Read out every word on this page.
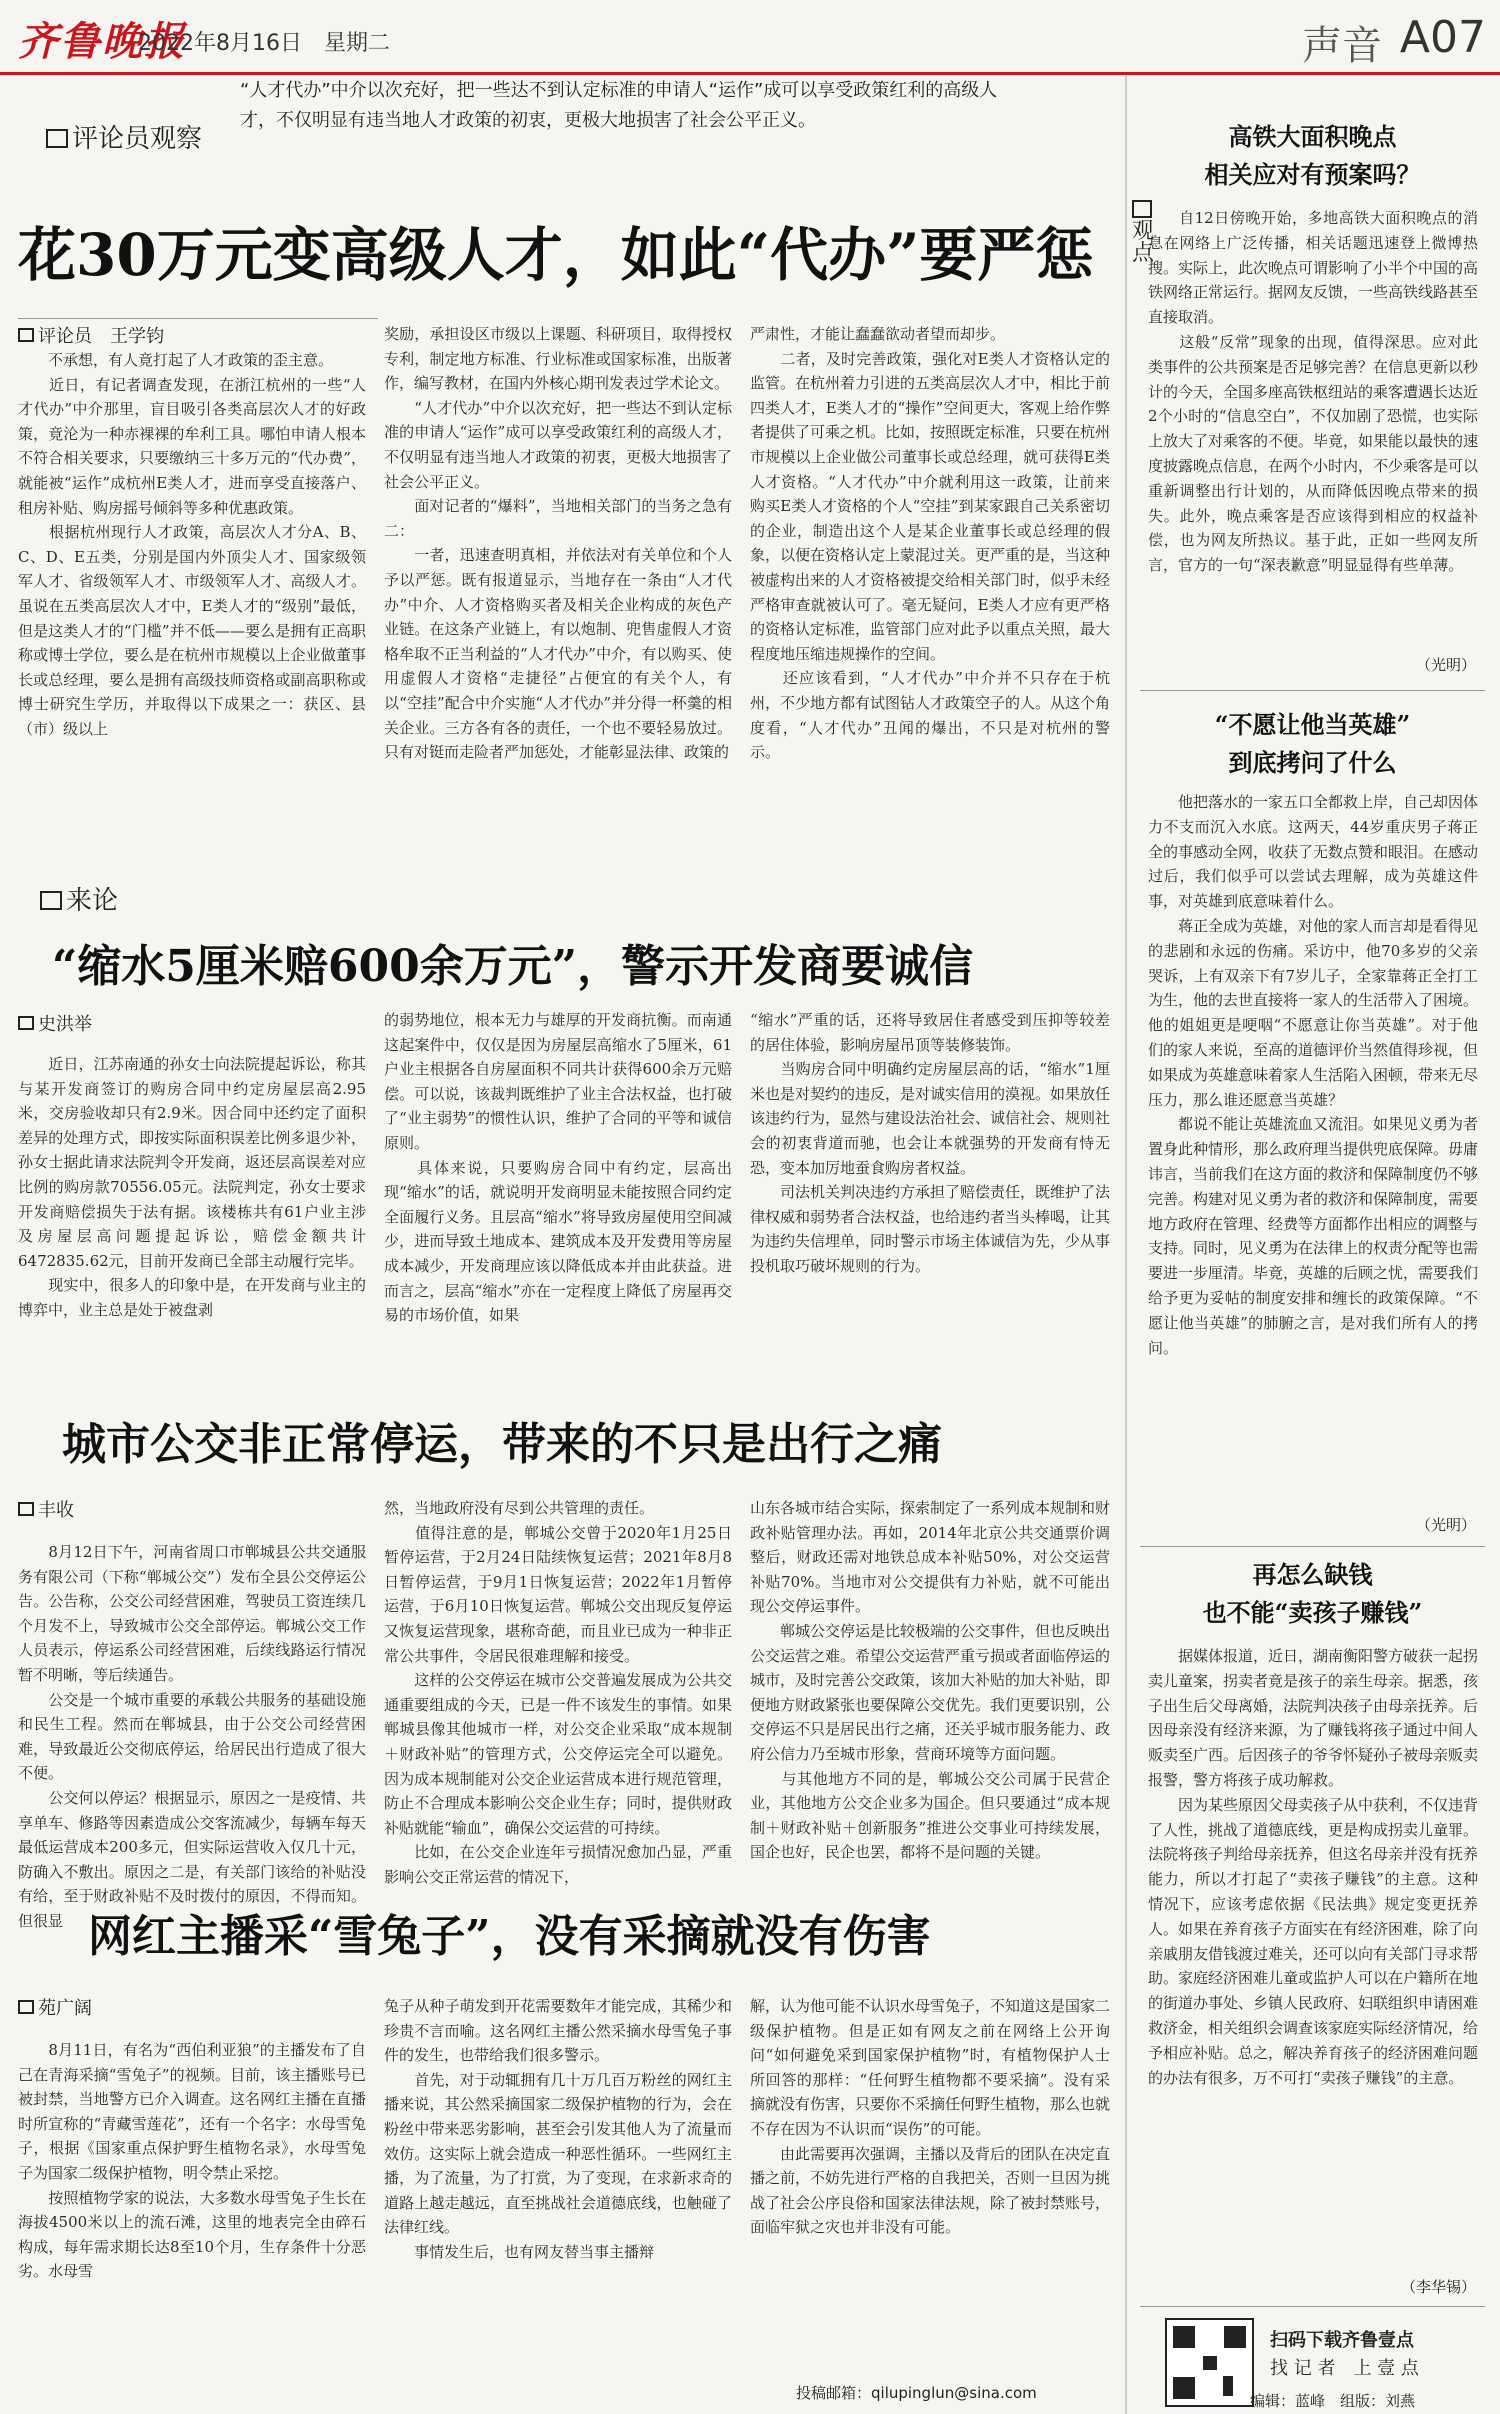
齐鲁晚报
2022年8月16日　星期二	声音 A07
评论员观察
“人才代办”中介以次充好，把一些达不到认定标准的申请人“运作”成可以享受政策红利的高级人才，不仅明显有违当地人才政策的初衷，更极大地损害了社会公平正义。
花30万元变高级人才，如此“代办”要严惩
评论员　王学钧
　　不承想，有人竟打起了人才政策的歪主意。
　　近日，有记者调查发现，在浙江杭州的一些“人才代办”中介那里，盲目吸引各类高层次人才的好政策，竟沦为一种赤裸裸的牟利工具。哪怕申请人根本不符合相关要求，只要缴纳三十多万元的“代办费”，就能被“运作”成杭州E类人才，进而享受直接落户、租房补贴、购房摇号倾斜等多种优惠政策。
　　根据杭州现行人才政策，高层次人才分A、B、C、D、E五类，分别是国内外顶尖人才、国家级领军人才、省级领军人才、市级领军人才、高级人才。虽说在五类高层次人才中，E类人才的“级别”最低，但是这类人才的“门槛”并不低——要么是拥有正高职称或博士学位，要么是在杭州市规模以上企业做董事长或总经理，要么是拥有高级技师资格或副高职称或博士研究生学历，并取得以下成果之一：获区、县（市）级以上
奖励，承担设区市级以上课题、科研项目，取得授权专利，制定地方标准、行业标准或国家标准，出版著作，编写教材，在国内外核心期刊发表过学术论文。
　　“人才代办”中介以次充好，把一些达不到认定标准的申请人“运作”成可以享受政策红利的高级人才，不仅明显有违当地人才政策的初衷，更极大地损害了社会公平正义。
　　面对记者的“爆料”，当地相关部门的当务之急有二：
　　一者，迅速查明真相，并依法对有关单位和个人予以严惩。既有报道显示，当地存在一条由“人才代办”中介、人才资格购买者及相关企业构成的灰色产业链。在这条产业链上，有以炮制、兜售虚假人才资格牟取不正当利益的“人才代办”中介，有以购买、使用虚假人才资格“走捷径”占便宜的有关个人，有以“空挂”配合中介实施“人才代办”并分得一杯羹的相关企业。三方各有各的责任，一个也不要轻易放过。只有对铤而走险者严加惩处，才能彰显法律、政策的
严肃性，才能让蠢蠢欲动者望而却步。
　　二者，及时完善政策，强化对E类人才资格认定的监管。在杭州着力引进的五类高层次人才中，相比于前四类人才，E类人才的“操作”空间更大，客观上给作弊者提供了可乘之机。比如，按照既定标准，只要在杭州市规模以上企业做公司董事长或总经理，就可获得E类人才资格。“人才代办”中介就利用这一政策，让前来购买E类人才资格的个人“空挂”到某家跟自己关系密切的企业，制造出这个人是某企业董事长或总经理的假象，以便在资格认定上蒙混过关。更严重的是，当这种被虚构出来的人才资格被提交给相关部门时，似乎未经严格审查就被认可了。毫无疑问，E类人才应有更严格的资格认定标准，监管部门应对此予以重点关照，最大程度地压缩违规操作的空间。
　　还应该看到，“人才代办”中介并不只存在于杭州，不少地方都有试图钻人才政策空子的人。从这个角度看，“人才代办”丑闻的爆出，不只是对杭州的警示。
来论
“缩水5厘米赔600余万元”，警示开发商要诚信
史洪举
　　近日，江苏南通的孙女士向法院提起诉讼，称其与某开发商签订的购房合同中约定房屋层高2.95米，交房验收却只有2.9米。因合同中还约定了面积差异的处理方式，即按实际面积误差比例多退少补，孙女士据此请求法院判令开发商，返还层高误差对应比例的购房款70556.05元。法院判定，孙女士要求开发商赔偿损失于法有据。该楼栋共有61户业主涉及房屋层高问题提起诉讼，赔偿金额共计6472835.62元，目前开发商已全部主动履行完毕。
　　现实中，很多人的印象中是，在开发商与业主的博弈中，业主总是处于被盘剥
的弱势地位，根本无力与雄厚的开发商抗衡。而南通这起案件中，仅仅是因为房屋层高缩水了5厘米，61户业主根据各自房屋面积不同共计获得600余万元赔偿。可以说，该裁判既维护了业主合法权益，也打破了“业主弱势”的惯性认识，维护了合同的平等和诚信原则。
　　具体来说，只要购房合同中有约定，层高出现“缩水”的话，就说明开发商明显未能按照合同约定全面履行义务。且层高“缩水”将导致房屋使用空间减少，进而导致土地成本、建筑成本及开发费用等房屋成本减少，开发商理应该以降低成本并由此获益。进而言之，层高“缩水”亦在一定程度上降低了房屋再交易的市场价值，如果
“缩水”严重的话，还将导致居住者感受到压抑等较差的居住体验，影响房屋吊顶等装修装饰。
　　当购房合同中明确约定房屋层高的话，“缩水”1厘米也是对契约的违反，是对诚实信用的漠视。如果放任该违约行为，显然与建设法治社会、诚信社会、规则社会的初衷背道而驰，也会让本就强势的开发商有恃无恐，变本加厉地蚕食购房者权益。
　　司法机关判决违约方承担了赔偿责任，既维护了法律权威和弱势者合法权益，也给违约者当头棒喝，让其为违约失信埋单，同时警示市场主体诚信为先，少从事投机取巧破坏规则的行为。
城市公交非正常停运，带来的不只是出行之痛
丰收
　　8月12日下午，河南省周口市郸城县公共交通服务有限公司（下称“郸城公交”）发布全县公交停运公告。公告称，公交公司经营困难，驾驶员工资连续几个月发不上，导致城市公交全部停运。郸城公交工作人员表示，停运系公司经营困难，后续线路运行情况暂不明晰，等后续通告。
　　公交是一个城市重要的承载公共服务的基础设施和民生工程。然而在郸城县，由于公交公司经营困难，导致最近公交彻底停运，给居民出行造成了很大不便。
　　公交何以停运？根据显示，原因之一是疫情、共享单车、修路等因素造成公交客流减少，每辆车每天最低运营成本200多元，但实际运营收入仅几十元，防确入不敷出。原因之二是，有关部门该给的补贴没有给，至于财政补贴不及时拨付的原因，不得而知。但很显
然，当地政府没有尽到公共管理的责任。
　　值得注意的是，郸城公交曾于2020年1月25日暂停运营，于2月24日陆续恢复运营；2021年8月8日暂停运营，于9月1日恢复运营；2022年1月暂停运营，于6月10日恢复运营。郸城公交出现反复停运又恢复运营现象，堪称奇葩，而且业已成为一种非正常公共事件，令居民很难理解和接受。
　　这样的公交停运在城市公交普遍发展成为公共交通重要组成的今天，已是一件不该发生的事情。如果郸城县像其他城市一样，对公交企业采取“成本规制＋财政补贴”的管理方式，公交停运完全可以避免。因为成本规制能对公交企业运营成本进行规范管理，防止不合理成本影响公交企业生存；同时，提供财政补贴就能“输血”，确保公交运营的可持续。
　　比如，在公交企业连年亏损情况愈加凸显，严重影响公交正常运营的情况下，
山东各城市结合实际，探索制定了一系列成本规制和财政补贴管理办法。再如，2014年北京公共交通票价调整后，财政还需对地铁总成本补贴50%，对公交运营补贴70%。当地市对公交提供有力补贴，就不可能出现公交停运事件。
　　郸城公交停运是比较极端的公交事件，但也反映出公交运营之难。希望公交运营严重亏损或者面临停运的城市，及时完善公交政策，该加大补贴的加大补贴，即便地方财政紧张也要保障公交优先。我们更要识别，公交停运不只是居民出行之痛，还关乎城市服务能力、政府公信力乃至城市形象，营商环境等方面问题。
　　与其他地方不同的是，郸城公交公司属于民营企业，其他地方公交企业多为国企。但只要通过“成本规制＋财政补贴＋创新服务”推进公交事业可持续发展，国企也好，民企也罢，都将不是问题的关键。
网红主播采“雪兔子”，没有采摘就没有伤害
苑广阔
　　8月11日，有名为“西伯利亚狼”的主播发布了自己在青海采摘“雪兔子”的视频。目前，该主播账号已被封禁，当地警方已介入调查。这名网红主播在直播时所宣称的“青藏雪莲花”，还有一个名字：水母雪兔子，根据《国家重点保护野生植物名录》，水母雪兔子为国家二级保护植物，明令禁止采挖。
　　按照植物学家的说法，大多数水母雪兔子生长在海拔4500米以上的流石滩，这里的地表完全由碎石构成，每年需求期长达8至10个月，生存条件十分恶劣。水母雪
兔子从种子萌发到开花需要数年才能完成，其稀少和珍贵不言而喻。这名网红主播公然采摘水母雪兔子事件的发生，也带给我们很多警示。
　　首先，对于动辄拥有几十万几百万粉丝的网红主播来说，其公然采摘国家二级保护植物的行为，会在粉丝中带来恶劣影响，甚至会引发其他人为了流量而效仿。这实际上就会造成一种恶性循环。一些网红主播，为了流量，为了打赏，为了变现，在求新求奇的道路上越走越远，直至挑战社会道德底线，也触碰了法律红线。
　　事情发生后，也有网友替当事主播辩
解，认为他可能不认识水母雪兔子，不知道这是国家二级保护植物。但是正如有网友之前在网络上公开询问“如何避免采到国家保护植物”时，有植物保护人士所回答的那样：“任何野生植物都不要采摘”。没有采摘就没有伤害，只要你不采摘任何野生植物，那么也就不存在因为不认识而“误伤”的可能。
　　由此需要再次强调，主播以及背后的团队在决定直播之前，不妨先进行严格的自我把关，否则一旦因为挑战了社会公序良俗和国家法律法规，除了被封禁账号，面临牢狱之灾也并非没有可能。
投稿邮箱：qilupinglun@sina.com
观点
高铁大面积晚点
相关应对有预案吗？
　　自12日傍晚开始，多地高铁大面积晚点的消息在网络上广泛传播，相关话题迅速登上微博热搜。实际上，此次晚点可谓影响了小半个中国的高铁网络正常运行。据网友反馈，一些高铁线路甚至直接取消。
　　这般“反常”现象的出现，值得深思。应对此类事件的公共预案是否足够完善？在信息更新以秒计的今天，全国多座高铁枢纽站的乘客遭遇长达近2个小时的“信息空白”，不仅加剧了恐慌，也实际上放大了对乘客的不便。毕竟，如果能以最快的速度披露晚点信息，在两个小时内，不少乘客是可以重新调整出行计划的，从而降低因晚点带来的损失。此外，晚点乘客是否应该得到相应的权益补偿，也为网友所热议。基于此，正如一些网友所言，官方的一句“深表歉意”明显显得有些单薄。
（光明）
“不愿让他当英雄”
到底拷问了什么
　　他把落水的一家五口全都救上岸，自己却因体力不支而沉入水底。这两天，44岁重庆男子蒋正全的事感动全网，收获了无数点赞和眼泪。在感动过后，我们似乎可以尝试去理解，成为英雄这件事，对英雄到底意味着什么。
　　蒋正全成为英雄，对他的家人而言却是看得见的悲剧和永远的伤痛。采访中，他70多岁的父亲哭诉，上有双亲下有7岁儿子，全家靠蒋正全打工为生，他的去世直接将一家人的生活带入了困境。他的姐姐更是哽咽“不愿意让你当英雄”。对于他们的家人来说，至高的道德评价当然值得珍视，但如果成为英雄意味着家人生活陷入困顿，带来无尽压力，那么谁还愿意当英雄？
　　都说不能让英雄流血又流泪。如果见义勇为者置身此种情形，那么政府理当提供兜底保障。毋庸讳言，当前我们在这方面的救济和保障制度仍不够完善。构建对见义勇为者的救济和保障制度，需要地方政府在管理、经费等方面都作出相应的调整与支持。同时，见义勇为在法律上的权责分配等也需要进一步厘清。毕竟，英雄的后顾之忧，需要我们给予更为妥帖的制度安排和缠长的政策保障。“不愿让他当英雄”的肺腑之言，是对我们所有人的拷问。
（光明）
再怎么缺钱
也不能“卖孩子赚钱”
　　据媒体报道，近日，湖南衡阳警方破获一起拐卖儿童案，拐卖者竟是孩子的亲生母亲。据悉，孩子出生后父母离婚，法院判决孩子由母亲抚养。后因母亲没有经济来源，为了赚钱将孩子通过中间人贩卖至广西。后因孩子的爷爷怀疑孙子被母亲贩卖报警，警方将孩子成功解救。
　　因为某些原因父母卖孩子从中获利，不仅违背了人性，挑战了道德底线，更是构成拐卖儿童罪。法院将孩子判给母亲抚养，但这名母亲并没有抚养能力，所以才打起了“卖孩子赚钱”的主意。这种情况下，应该考虑依据《民法典》规定变更抚养人。如果在养育孩子方面实在有经济困难，除了向亲戚朋友借钱渡过难关，还可以向有关部门寻求帮助。家庭经济困难儿童或监护人可以在户籍所在地的街道办事处、乡镇人民政府、妇联组织申请困难救济金，相关组织会调查该家庭实际经济情况，给予相应补贴。总之，解决养育孩子的经济困难问题的办法有很多，万不可打“卖孩子赚钱”的主意。
（李华锡）
扫码下载齐鲁壹点
找 记 者　上 壹 点
编辑：蓝峰　组版：刘燕
